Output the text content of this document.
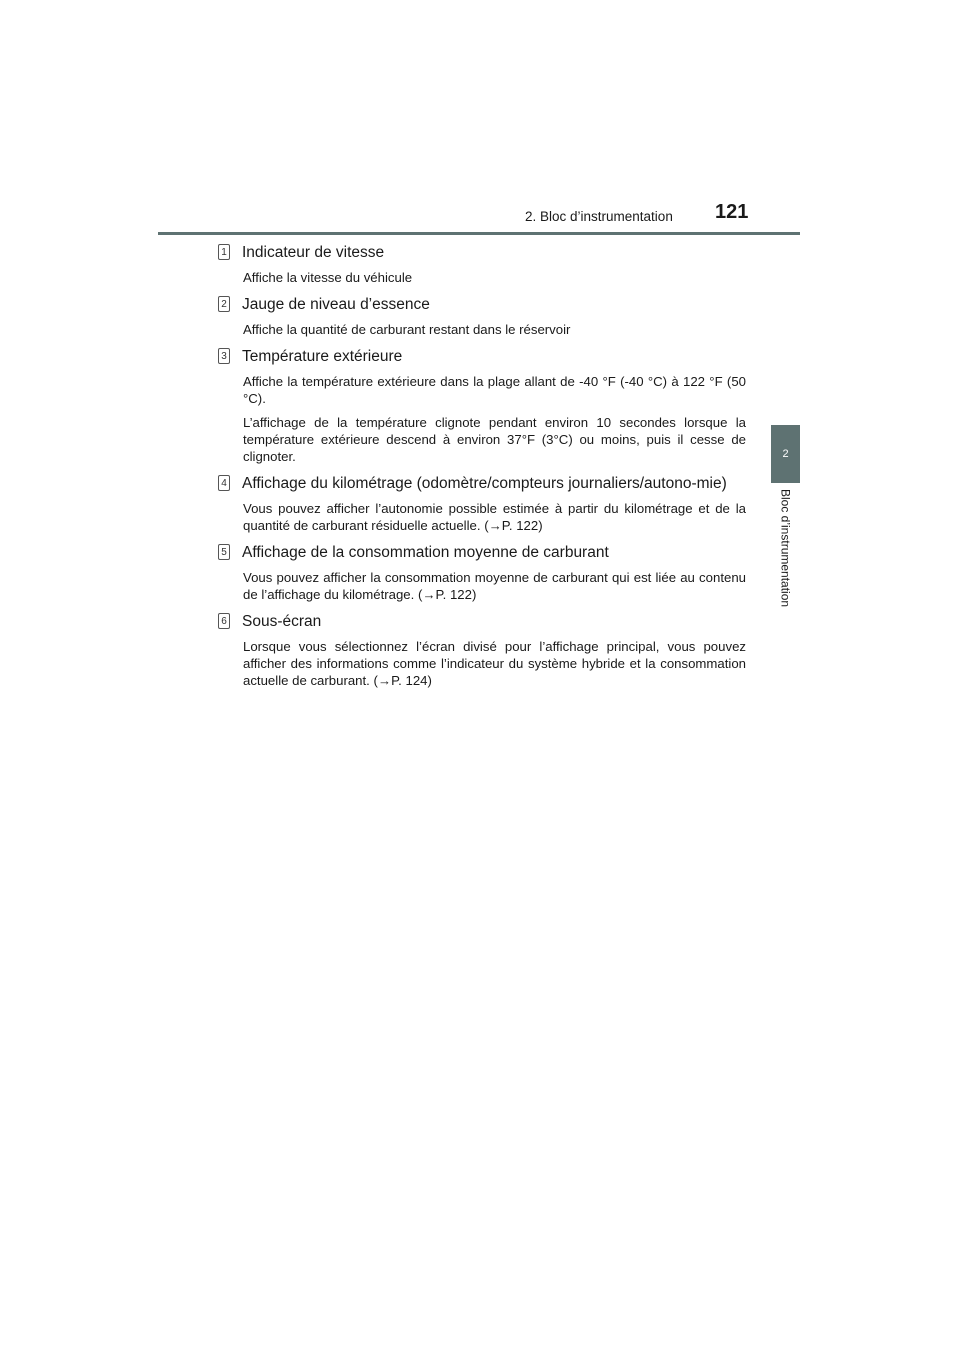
2. Bloc d’instrumentation 121
2
Bloc d’instrumentation
1 Indicateur de vitesse

Affiche la vitesse du véhicule

2 Jauge de niveau d’essence

Affiche la quantité de carburant restant dans le réservoir

3 Température extérieure

Affiche la température extérieure dans la plage allant de -40 °F (-40 °C) à 122 °F (50 °C).

L’affichage de la température clignote pendant environ 10 secondes lorsque la température extérieure descend à environ 37°F (3°C) ou moins, puis il cesse de clignoter.

4 Affichage du kilométrage (odomètre/compteurs journaliers/autono-mie)

Vous pouvez afficher l’autonomie possible estimée à partir du kilométrage et de la quantité de carburant résiduelle actuelle. (→P. 122)

5 Affichage de la consommation moyenne de carburant

Vous pouvez afficher la consommation moyenne de carburant qui est liée au contenu de l’affichage du kilométrage. (→P. 122)

6 Sous-écran

Lorsque vous sélectionnez l’écran divisé pour l’affichage principal, vous pouvez afficher des informations comme l’indicateur du système hybride et la consommation actuelle de carburant. (→P. 124)
